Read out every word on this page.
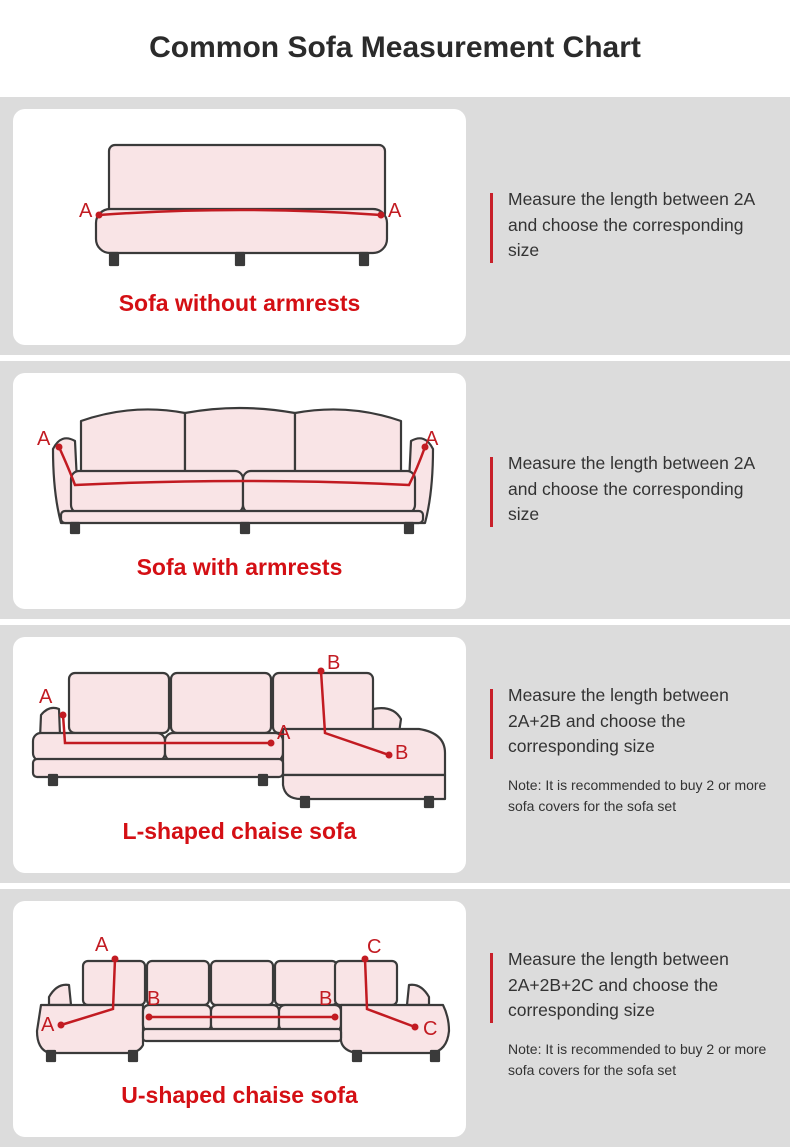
Common Sofa Measurement Chart
A	A
Sofa without armrests
Measure the length between 2A and choose the corresponding size
A	A
Sofa with armrests
Measure the length between 2A and choose the corresponding size
A
A
B
B
L-shaped chaise sofa
Measure the length between 2A+2B and choose the corresponding size
Note: It is recommended to buy 2 or more sofa covers for the sofa set
A
A
B	B
C
C
U-shaped chaise sofa
Measure the length between 2A+2B+2C and choose the corresponding size
Note: It is recommended to buy 2 or more sofa covers for the sofa set
